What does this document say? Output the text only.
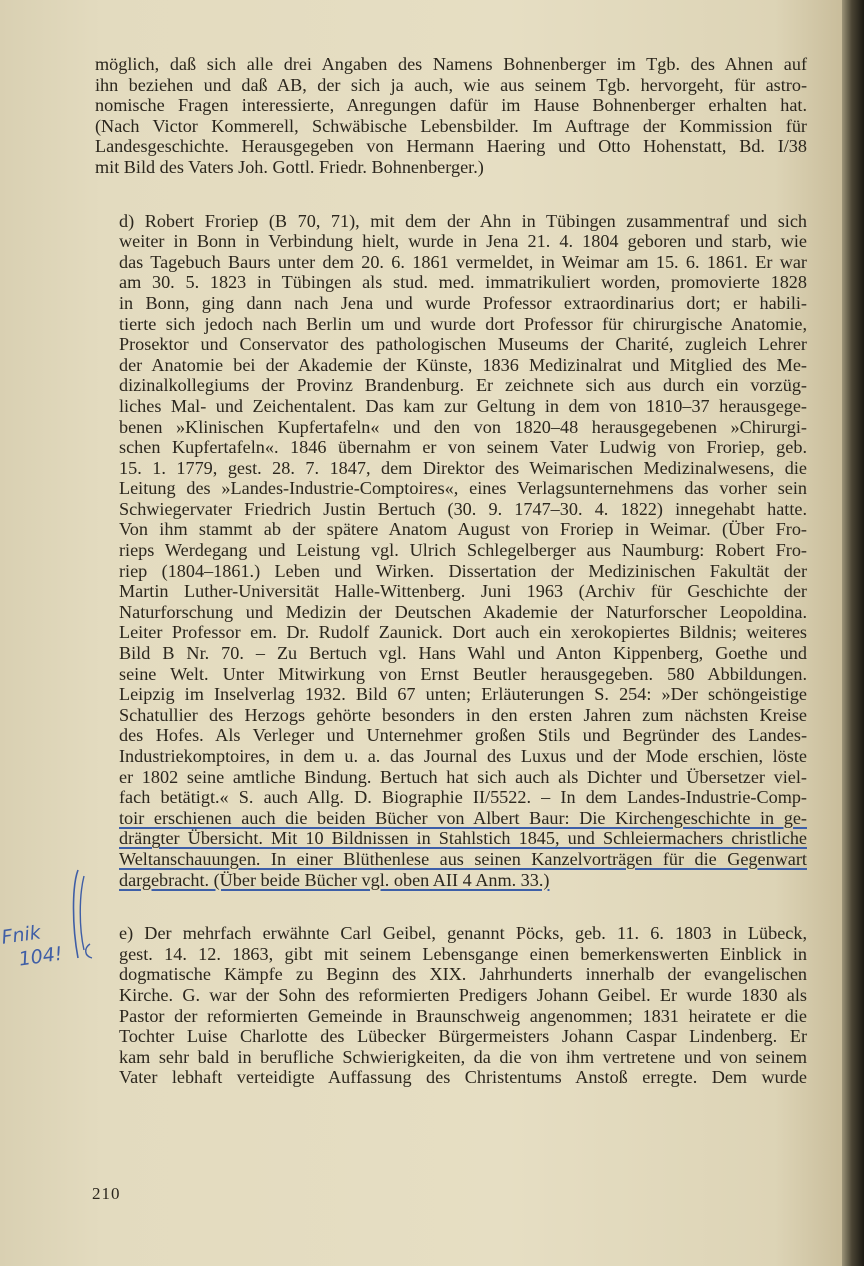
möglich, daß sich alle drei Angaben des Namens Bohnenberger im Tgb. des Ahnen auf
ihn beziehen und daß AB, der sich ja auch, wie aus seinem Tgb. hervorgeht, für astro-
nomische Fragen interessierte, Anregungen dafür im Hause Bohnenberger erhalten hat.
(Nach Victor Kommerell, Schwäbische Lebensbilder. Im Auftrage der Kommission für
Landesgeschichte. Herausgegeben von Hermann Haering und Otto Hohenstatt, Bd. I/38
mit Bild des Vaters Joh. Gottl. Friedr. Bohnenberger.)

d) Robert Froriep (B 70, 71), mit dem der Ahn in Tübingen zusammentraf und sich
weiter in Bonn in Verbindung hielt, wurde in Jena 21. 4. 1804 geboren und starb, wie
das Tagebuch Baurs unter dem 20. 6. 1861 vermeldet, in Weimar am 15. 6. 1861. Er war
am 30. 5. 1823 in Tübingen als stud. med. immatrikuliert worden, promovierte 1828
in Bonn, ging dann nach Jena und wurde Professor extraordinarius dort; er habili-
tierte sich jedoch nach Berlin um und wurde dort Professor für chirurgische Anatomie,
Prosektor und Conservator des pathologischen Museums der Charité, zugleich Lehrer
der Anatomie bei der Akademie der Künste, 1836 Medizinalrat und Mitglied des Me-
dizinalkollegiums der Provinz Brandenburg. Er zeichnete sich aus durch ein vorzüg-
liches Mal- und Zeichentalent. Das kam zur Geltung in dem von 1810–37 herausgege-
benen »Klinischen Kupfertafeln« und den von 1820–48 herausgegebenen »Chirurgi-
schen Kupfertafeln«. 1846 übernahm er von seinem Vater Ludwig von Froriep, geb.
15. 1. 1779, gest. 28. 7. 1847, dem Direktor des Weimarischen Medizinalwesens, die
Leitung des »Landes-Industrie-Comptoires«, eines Verlagsunternehmens das vorher sein
Schwiegervater Friedrich Justin Bertuch (30. 9. 1747–30. 4. 1822) innegehabt hatte.
Von ihm stammt ab der spätere Anatom August von Froriep in Weimar. (Über Fro-
rieps Werdegang und Leistung vgl. Ulrich Schlegelberger aus Naumburg: Robert Fro-
riep (1804–1861.) Leben und Wirken. Dissertation der Medizinischen Fakultät der
Martin Luther-Universität Halle-Wittenberg. Juni 1963 (Archiv für Geschichte der
Naturforschung und Medizin der Deutschen Akademie der Naturforscher Leopoldina.
Leiter Professor em. Dr. Rudolf Zaunick. Dort auch ein xerokopiertes Bildnis; weiteres
Bild B Nr. 70. – Zu Bertuch vgl. Hans Wahl und Anton Kippenberg, Goethe und
seine Welt. Unter Mitwirkung von Ernst Beutler herausgegeben. 580 Abbildungen.
Leipzig im Inselverlag 1932. Bild 67 unten; Erläuterungen S. 254: »Der schöngeistige
Schatullier des Herzogs gehörte besonders in den ersten Jahren zum nächsten Kreise
des Hofes. Als Verleger und Unternehmer großen Stils und Begründer des Landes-
Industriekomptoires, in dem u. a. das Journal des Luxus und der Mode erschien, löste
er 1802 seine amtliche Bindung. Bertuch hat sich auch als Dichter und Übersetzer viel-
fach betätigt.« S. auch Allg. D. Biographie II/5522. – In dem Landes-Industrie-Comp-
toir erschienen auch die beiden Bücher von Albert Baur: Die Kirchengeschichte in ge-
drängter Übersicht. Mit 10 Bildnissen in Stahlstich 1845, und Schleiermachers christliche
Weltanschauungen. In einer Blüthenlese aus seinen Kanzelvorträgen für die Gegenwart
dargebracht. (Über beide Bücher vgl. oben AII 4 Anm. 33.)

e) Der mehrfach erwähnte Carl Geibel, genannt Pöcks, geb. 11. 6. 1803 in Lübeck,
gest. 14. 12. 1863, gibt mit seinem Lebensgange einen bemerkenswerten Einblick in
dogmatische Kämpfe zu Beginn des XIX. Jahrhunderts innerhalb der evangelischen
Kirche. G. war der Sohn des reformierten Predigers Johann Geibel. Er wurde 1830 als
Pastor der reformierten Gemeinde in Braunschweig angenommen; 1831 heiratete er die
Tochter Luise Charlotte des Lübecker Bürgermeisters Johann Caspar Lindenberg. Er
kam sehr bald in berufliche Schwierigkeiten, da die von ihm vertretene und von seinem
Vater lebhaft verteidigte Auffassung des Christentums Anstoß erregte. Dem wurde

Fnik
104!
210
